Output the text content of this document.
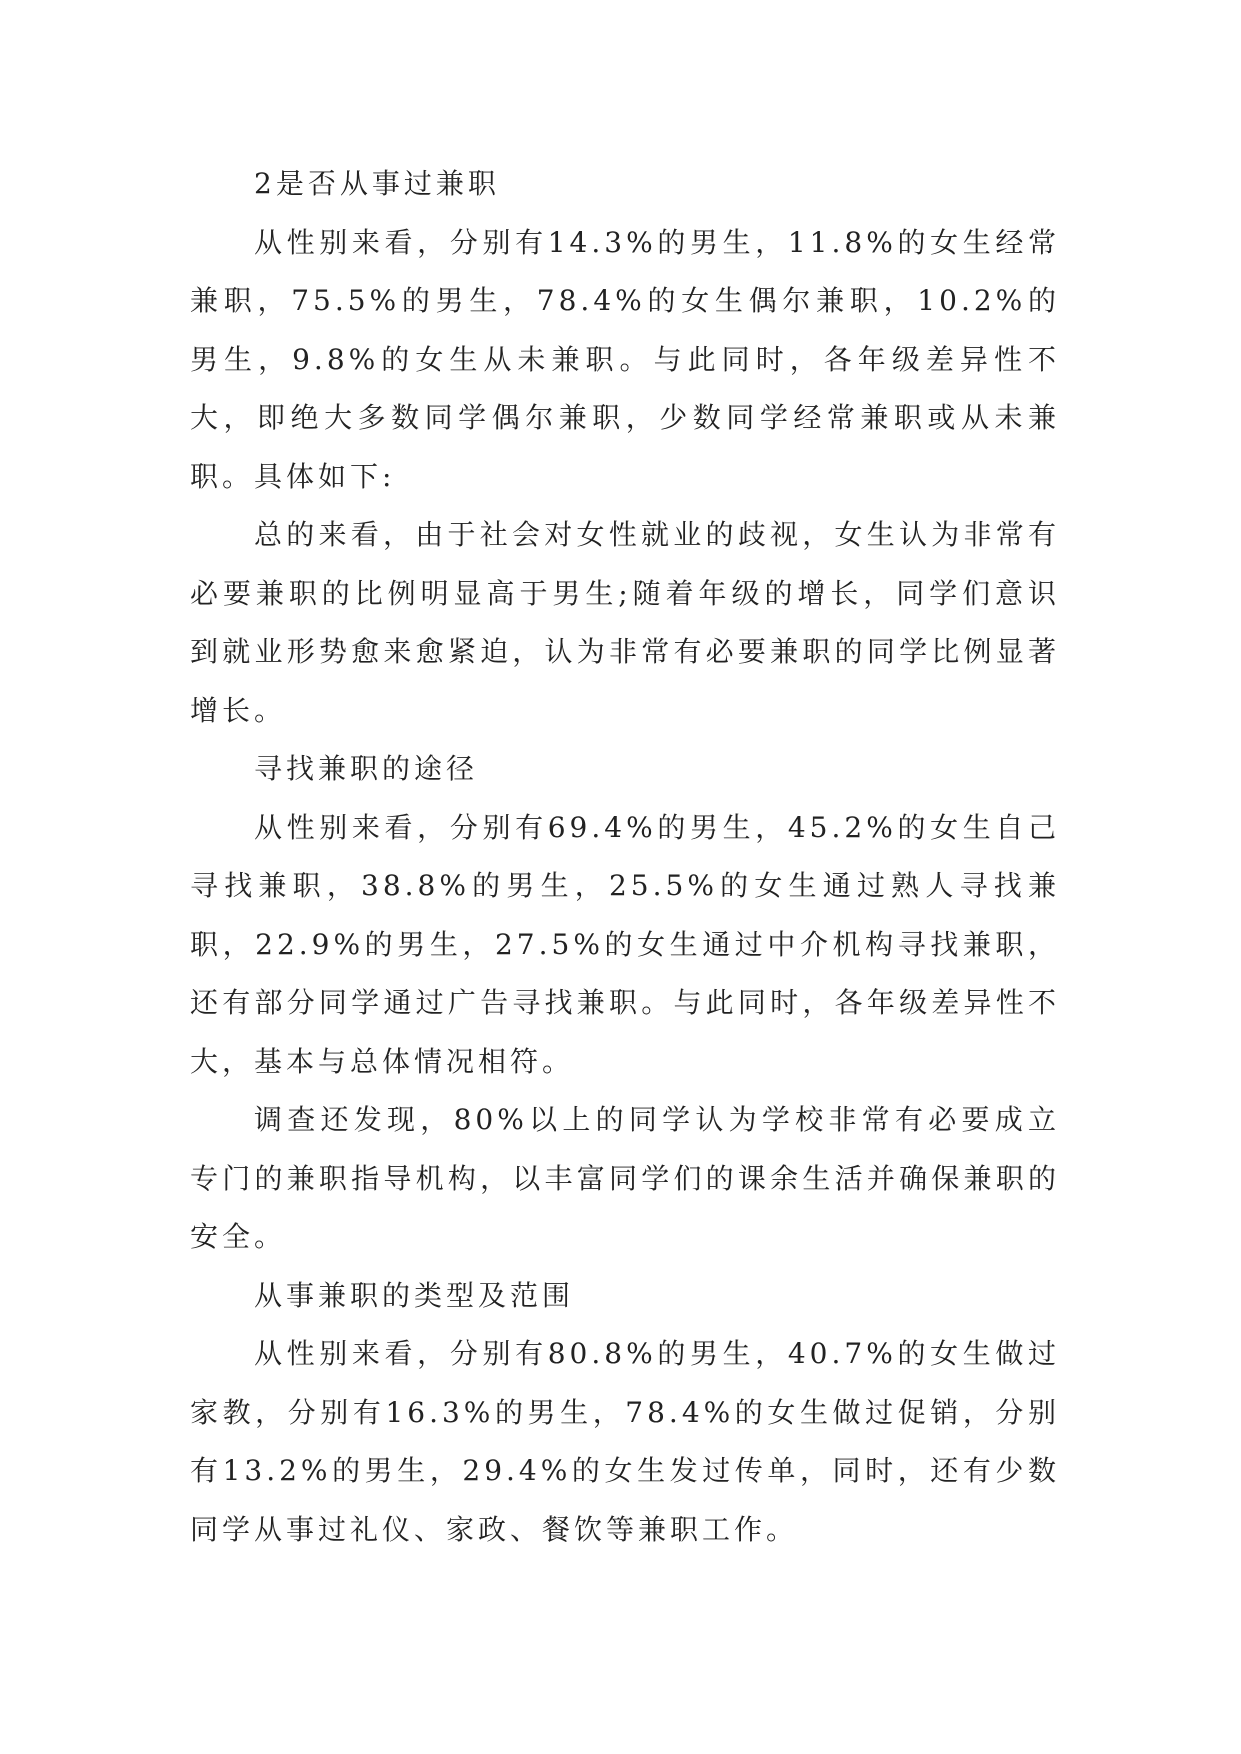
2是否从事过兼职

从性别来看，分别有14.3%的男生，11.8%的女生经常兼职，75.5%的男生，78.4%的女生偶尔兼职，10.2%的男生，9.8%的女生从未兼职。与此同时，各年级差异性不大，即绝大多数同学偶尔兼职，少数同学经常兼职或从未兼职。具体如下:

总的来看，由于社会对女性就业的歧视，女生认为非常有必要兼职的比例明显高于男生;随着年级的增长，同学们意识到就业形势愈来愈紧迫，认为非常有必要兼职的同学比例显著增长。

寻找兼职的途径

从性别来看，分别有69.4%的男生，45.2%的女生自己寻找兼职，38.8%的男生，25.5%的女生通过熟人寻找兼职，22.9%的男生，27.5%的女生通过中介机构寻找兼职，还有部分同学通过广告寻找兼职。与此同时，各年级差异性不大，基本与总体情况相符。

调查还发现，80%以上的同学认为学校非常有必要成立专门的兼职指导机构，以丰富同学们的课余生活并确保兼职的安全。

从事兼职的类型及范围

从性别来看，分别有80.8%的男生，40.7%的女生做过家教，分别有16.3%的男生，78.4%的女生做过促销，分别有13.2%的男生，29.4%的女生发过传单，同时，还有少数同学从事过礼仪、家政、餐饮等兼职工作。
